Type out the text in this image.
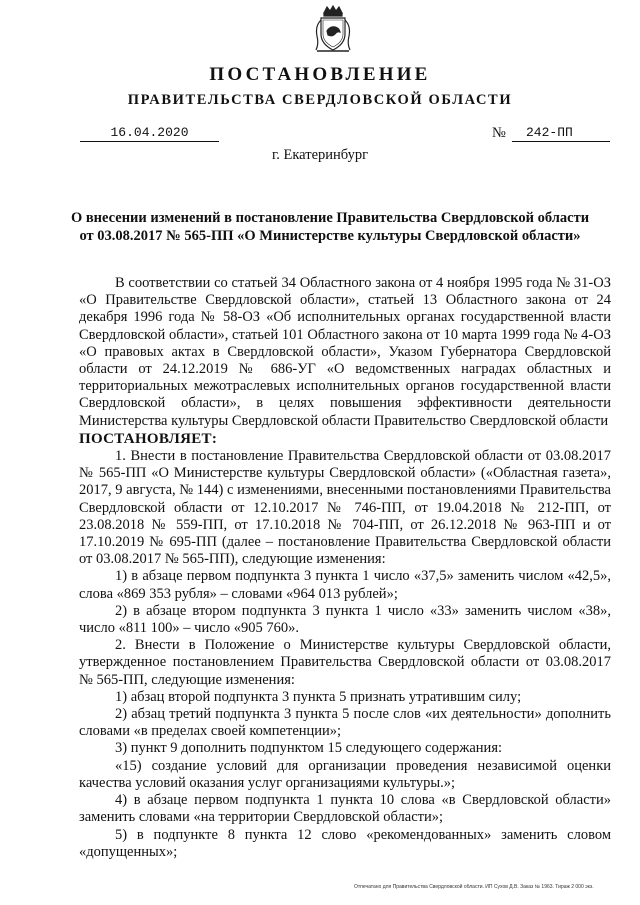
ПОСТАНОВЛЕНИЕ
ПРАВИТЕЛЬСТВА СВЕРДЛОВСКОЙ ОБЛАСТИ
16.04.2020	№	242-ПП
г. Екатеринбург
О внесении изменений в постановление Правительства Свердловской области
от 03.08.2017 № 565-ПП «О Министерстве культуры Свердловской области»

В соответствии со статьей 34 Областного закона от 4 ноября 1995 года № 31-ОЗ «О Правительстве Свердловской области», статьей 13 Областного закона от 24 декабря 1996 года № 58-ОЗ «Об исполнительных органах государственной власти Свердловской области», статьей 101 Областного закона от 10 марта 1999 года № 4-ОЗ «О правовых актах в Свердловской области», Указом Губернатора Свердловской области от 24.12.2019 № 686-УГ «О ведомственных наградах областных и территориальных межотраслевых исполнительных органов государственной власти Свердловской области», в целях повышения эффективности деятельности Министерства культуры Свердловской области Правительство Свердловской области

ПОСТАНОВЛЯЕТ:

1. Внести в постановление Правительства Свердловской области от 03.08.2017 № 565-ПП «О Министерстве культуры Свердловской области» («Областная газета», 2017, 9 августа, № 144) с изменениями, внесенными постановлениями Правительства Свердловской области от 12.10.2017 № 746-ПП, от 19.04.2018 № 212-ПП, от 23.08.2018 № 559-ПП, от 17.10.2018 № 704-ПП, от 26.12.2018 № 963-ПП и от 17.10.2019 № 695-ПП (далее – постановление Правительства Свердловской области от 03.08.2017 № 565-ПП), следующие изменения:

1) в абзаце первом подпункта 3 пункта 1 число «37,5» заменить числом «42,5», слова «869 353 рубля» – словами «964 013 рублей»;

2) в абзаце втором подпункта 3 пункта 1 число «33» заменить числом «38», число «811 100» – число «905 760».

2. Внести в Положение о Министерстве культуры Свердловской области, утвержденное постановлением Правительства Свердловской области от 03.08.2017 № 565-ПП, следующие изменения:

1) абзац второй подпункта 3 пункта 5 признать утратившим силу;

2) абзац третий подпункта 3 пункта 5 после слов «их деятельности» дополнить словами «в пределах своей компетенции»;

3) пункт 9 дополнить подпунктом 15 следующего содержания:

«15) создание условий для организации проведения независимой оценки качества условий оказания услуг организациями культуры.»;

4) в абзаце первом подпункта 1 пункта 10 слова «в Свердловской области» заменить словами «на территории Свердловской области»;

5) в подпункте 8 пункта 12 слово «рекомендованных» заменить словом «допущенных»;

Отпечатано для Правительства Свердловской области. ИП Сухов Д.В. Заказ № 1963. Тираж 2 000 экз.
